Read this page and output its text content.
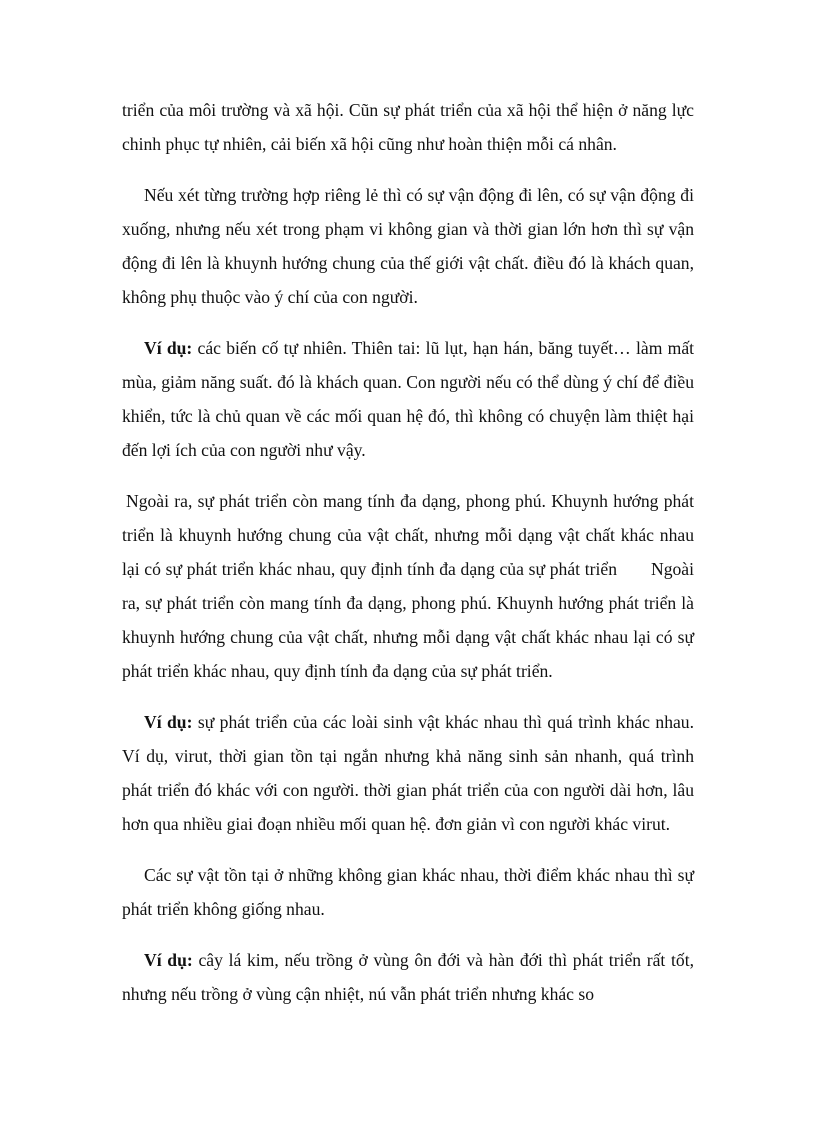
triển của môi trường và xã hội. Cũn sự phát triển của xã hội thể hiện ở năng lực chinh phục tự nhiên, cải biến xã hội cũng như hoàn thiện mỗi cá nhân.

Nếu xét từng trường hợp riêng lẻ thì có sự vận động đi lên, có sự vận động đi xuống, nhưng nếu xét trong phạm vi không gian và thời gian lớn hơn thì sự vận động đi lên là khuynh hướng chung của thế giới vật chất. điều đó là khách quan, không phụ thuộc vào ý chí của con người.

Ví dụ: các biến cố tự nhiên. Thiên tai: lũ lụt, hạn hán, băng tuyết… làm mất mùa, giảm năng suất. đó là khách quan. Con người nếu có thể dùng ý chí để điều khiển, tức là chủ quan về các mối quan hệ đó, thì không có chuyện làm thiệt hại đến lợi ích của con người như vậy.

Ngoài ra, sự phát triển còn mang tính đa dạng, phong phú. Khuynh hướng phát triển là khuynh hướng chung của vật chất, nhưng mỗi dạng vật chất khác nhau lại có sự phát triển khác nhau, quy định tính đa dạng của sự phát triển Ngoài ra, sự phát triển còn mang tính đa dạng, phong phú. Khuynh hướng phát triển là khuynh hướng chung của vật chất, nhưng mỗi dạng vật chất khác nhau lại có sự phát triển khác nhau, quy định tính đa dạng của sự phát triển.

Ví dụ: sự phát triển của các loài sinh vật khác nhau thì quá trình khác nhau. Ví dụ, virut, thời gian tồn tại ngắn nhưng khả năng sinh sản nhanh, quá trình phát triển đó khác với con người. thời gian phát triển của con người dài hơn, lâu hơn qua nhiều giai đoạn nhiều mối quan hệ. đơn giản vì con người khác virut.

Các sự vật tồn tại ở những không gian khác nhau, thời điểm khác nhau thì sự phát triển không giống nhau.

Ví dụ: cây lá kim, nếu trồng ở vùng ôn đới và hàn đới thì phát triển rất tốt, nhưng nếu trồng ở vùng cận nhiệt, nú vẫn phát triển nhưng khác so
